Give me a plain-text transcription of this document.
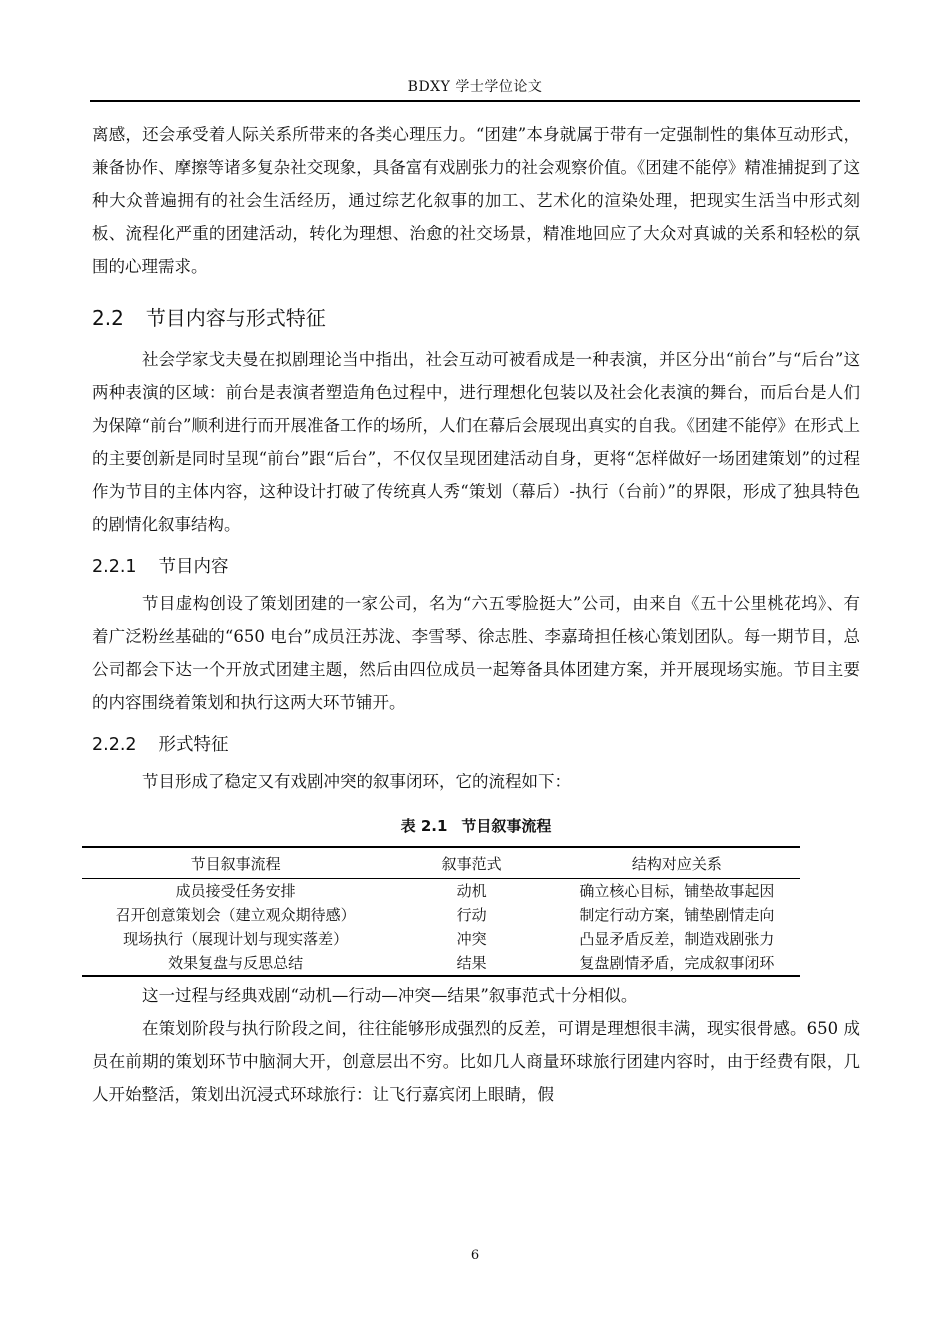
BDXY 学士学位论文

离感，还会承受着人际关系所带来的各类心理压力。“团建”本身就属于带有一定强制性的集体互动形式，兼备协作、摩擦等诸多复杂社交现象，具备富有戏剧张力的社会观察价值。《团建不能停》精准捕捉到了这种大众普遍拥有的社会生活经历，通过综艺化叙事的加工、艺术化的渲染处理，把现实生活当中形式刻板、流程化严重的团建活动，转化为理想、治愈的社交场景，精准地回应了大众对真诚的关系和轻松的氛围的心理需求。

2.2 节目内容与形式特征

社会学家戈夫曼在拟剧理论当中指出，社会互动可被看成是一种表演，并区分出“前台”与“后台”这两种表演的区域：前台是表演者塑造角色过程中，进行理想化包装以及社会化表演的舞台，而后台是人们为保障“前台”顺利进行而开展准备工作的场所，人们在幕后会展现出真实的自我。《团建不能停》在形式上的主要创新是同时呈现“前台”跟“后台”，不仅仅呈现团建活动自身，更将“怎样做好一场团建策划”的过程作为节目的主体内容，这种设计打破了传统真人秀“策划（幕后）-执行（台前）”的界限，形成了独具特色的剧情化叙事结构。

2.2.1 节目内容

节目虚构创设了策划团建的一家公司，名为“六五零脸挺大”公司，由来自《五十公里桃花坞》、有着广泛粉丝基础的“650 电台”成员汪苏泷、李雪琴、徐志胜、李嘉琦担任核心策划团队。每一期节目，总公司都会下达一个开放式团建主题，然后由四位成员一起筹备具体团建方案，并开展现场实施。节目主要的内容围绕着策划和执行这两大环节铺开。

2.2.2 形式特征

节目形成了稳定又有戏剧冲突的叙事闭环，它的流程如下：

表 2.1 节目叙事流程
节目叙事流程	叙事范式	结构对应关系
成员接受任务安排	动机	确立核心目标，铺垫故事起因
召开创意策划会（建立观众期待感）	行动	制定行动方案，铺垫剧情走向
现场执行（展现计划与现实落差）	冲突	凸显矛盾反差，制造戏剧张力
效果复盘与反思总结	结果	复盘剧情矛盾，完成叙事闭环

这一过程与经典戏剧“动机—行动—冲突—结果”叙事范式十分相似。

在策划阶段与执行阶段之间，往往能够形成强烈的反差，可谓是理想很丰满，现实很骨感。650 成员在前期的策划环节中脑洞大开，创意层出不穷。比如几人商量环球旅行团建内容时，由于经费有限，几人开始整活，策划出沉浸式环球旅行：让飞行嘉宾闭上眼睛，假

6
